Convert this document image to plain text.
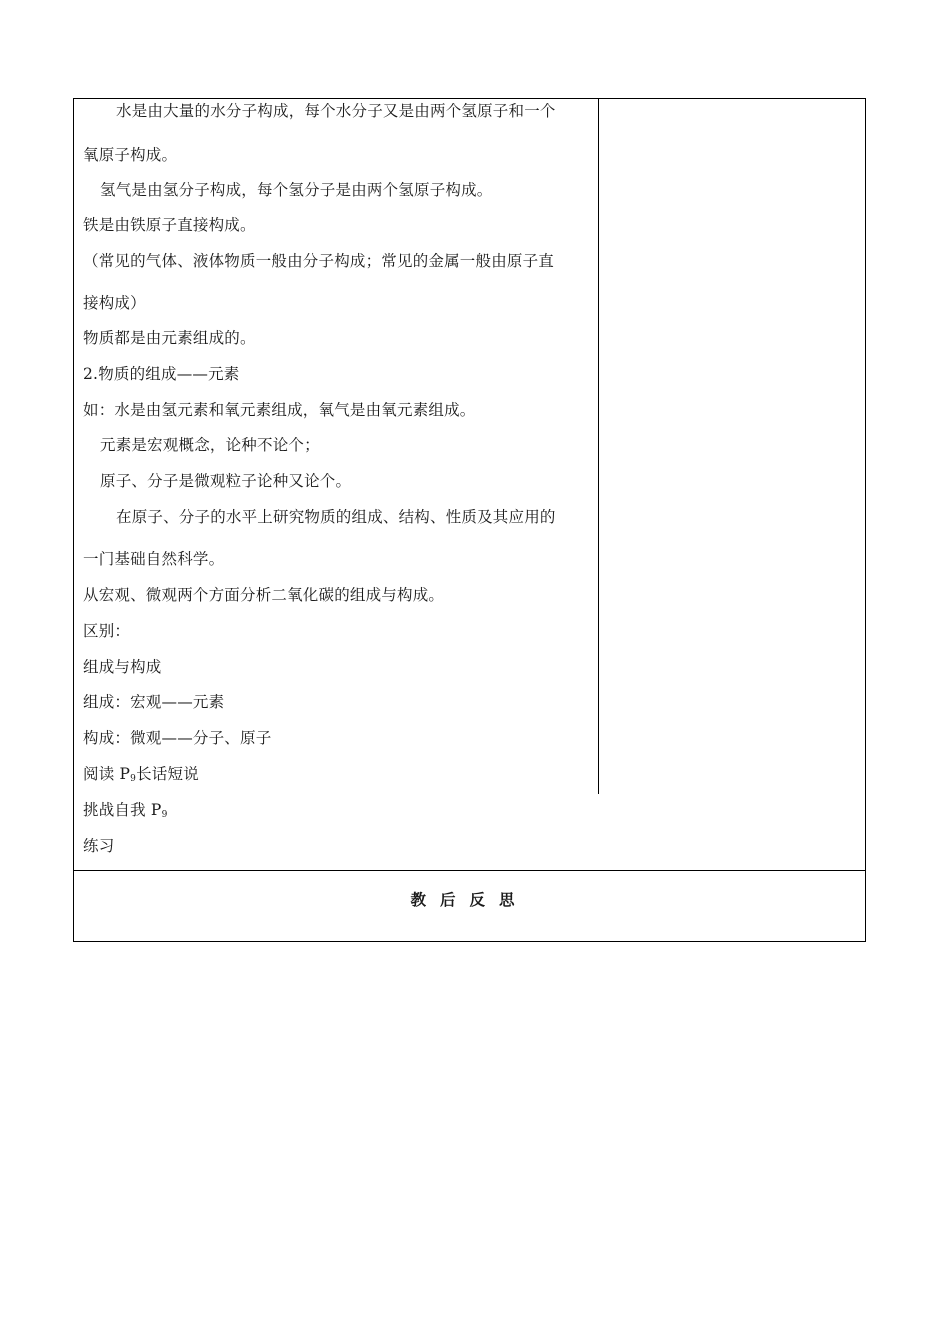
水是由大量的水分子构成，每个水分子又是由两个氢原子和一个
氧原子构成。
氢气是由氢分子构成，每个氢分子是由两个氢原子构成。
铁是由铁原子直接构成。
（常见的气体、液体物质一般由分子构成；常见的金属一般由原子直
接构成）
物质都是由元素组成的。
2.物质的组成——元素
如：水是由氢元素和氧元素组成，氧气是由氧元素组成。
元素是宏观概念，论种不论个；
原子、分子是微观粒子论种又论个。
在原子、分子的水平上研究物质的组成、结构、性质及其应用的
一门基础自然科学。
从宏观、微观两个方面分析二氧化碳的组成与构成。
区别：
组成与构成
组成：宏观——元素
构成：微观——分子、原子
阅读 $P_9$长话短说
挑战自我 $P_9$
练习
教后反思
